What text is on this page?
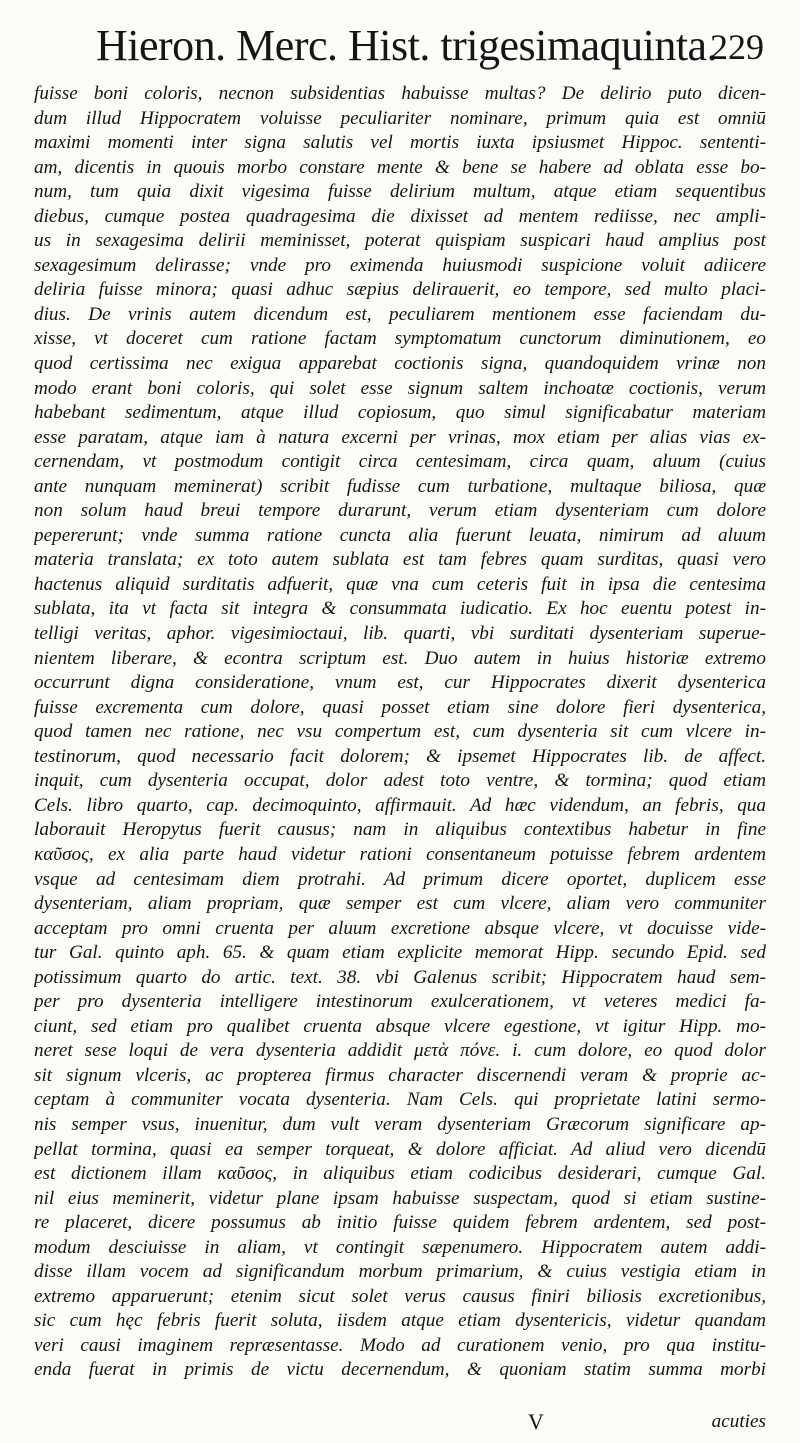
Hieron. Merc. Hist. trigesimaquinta.
229
fuisse boni coloris, necnon subsidentias habuisse multas? De delirio puto dicen-
dum illud Hippocratem voluisse peculiariter nominare, primum quia est omniū
maximi momenti inter signa salutis vel mortis iuxta ipsiusmet Hippoc. sententi-
am, dicentis in quouis morbo constare mente & bene se habere ad oblata esse bo-
num, tum quia dixit vigesima fuisse delirium multum, atque etiam sequentibus
diebus, cumque postea quadragesima die dixisset ad mentem rediisse, nec ampli-
us in sexagesima delirii meminisset, poterat quispiam suspicari haud amplius post
sexagesimum delirasse; vnde pro eximenda huiusmodi suspicione voluit adiicere
deliria fuisse minora; quasi adhuc sæpius delirauerit, eo tempore, sed multo placi-
dius. De vrinis autem dicendum est, peculiarem mentionem esse faciendam du-
xisse, vt doceret cum ratione factam symptomatum cunctorum diminutionem, eo
quod certissima nec exigua apparebat coctionis signa, quandoquidem vrinæ non
modo erant boni coloris, qui solet esse signum saltem inchoatæ coctionis, verum
habebant sedimentum, atque illud copiosum, quo simul significabatur materiam
esse paratam, atque iam à natura excerni per vrinas, mox etiam per alias vias ex-
cernendam, vt postmodum contigit circa centesimam, circa quam, aluum (cuius
ante nunquam meminerat) scribit fudisse cum turbatione, multaque biliosa, quæ
non solum haud breui tempore durarunt, verum etiam dysenteriam cum dolore
pepererunt; vnde summa ratione cuncta alia fuerunt leuata, nimirum ad aluum
materia translata; ex toto autem sublata est tam febres quam surditas, quasi vero
hactenus aliquid surditatis adfuerit, quæ vna cum ceteris fuit in ipsa die centesima
sublata, ita vt facta sit integra & consummata iudicatio. Ex hoc euentu potest in-
telligi veritas, aphor. vigesimioctaui, lib. quarti, vbi surditati dysenteriam superue-
nientem liberare, & econtra scriptum est. Duo autem in huius historiæ extremo
occurrunt digna consideratione, vnum est, cur Hippocrates dixerit dysenterica
fuisse excrementa cum dolore, quasi posset etiam sine dolore fieri dysenterica,
quod tamen nec ratione, nec vsu compertum est, cum dysenteria sit cum vlcere in-
testinorum, quod necessario facit dolorem; & ipsemet Hippocrates lib. de affect.
inquit, cum dysenteria occupat, dolor adest toto ventre, & tormina; quod etiam
Cels. libro quarto, cap. decimoquinto, affirmauit. Ad hæc videndum, an febris, qua
laborauit Heropytus fuerit causus; nam in aliquibus contextibus habetur in fine
καῦσος, ex alia parte haud videtur rationi consentaneum potuisse febrem ardentem
vsque ad centesimam diem protrahi. Ad primum dicere oportet, duplicem esse
dysenteriam, aliam propriam, quæ semper est cum vlcere, aliam vero communiter
acceptam pro omni cruenta per aluum excretione absque vlcere, vt docuisse vide-
tur Gal. quinto aph. 65. & quam etiam explicite memorat Hipp. secundo Epid. sed
potissimum quarto do artic. text. 38. vbi Galenus scribit; Hippocratem haud sem-
per pro dysenteria intelligere intestinorum exulcerationem, vt veteres medici fa-
ciunt, sed etiam pro qualibet cruenta absque vlcere egestione, vt igitur Hipp. mo-
neret sese loqui de vera dysenteria addidit μετὰ πόνε. i. cum dolore, eo quod dolor
sit signum vlceris, ac propterea firmus character discernendi veram & proprie ac-
ceptam à communiter vocata dysenteria. Nam Cels. qui proprietate latini sermo-
nis semper vsus, inuenitur, dum vult veram dysenteriam Græcorum significare ap-
pellat tormina, quasi ea semper torqueat, & dolore afficiat. Ad aliud vero dicendū
est dictionem illam καῦσος, in aliquibus etiam codicibus desiderari, cumque Gal.
nil eius meminerit, videtur plane ipsam habuisse suspectam, quod si etiam sustine-
re placeret, dicere possumus ab initio fuisse quidem febrem ardentem, sed post-
modum desciuisse in aliam, vt contingit sæpenumero. Hippocratem autem addi-
disse illam vocem ad significandum morbum primarium, & cuius vestigia etiam in
extremo apparuerunt; etenim sicut solet verus causus finiri biliosis excretionibus,
sic cum hęc febris fuerit soluta, iisdem atque etiam dysentericis, videtur quandam
veri causi imaginem repræsentasse. Modo ad curationem venio, pro qua institu-
enda fuerat in primis de victu decernendum, & quoniam statim summa morbi
V	acuties
